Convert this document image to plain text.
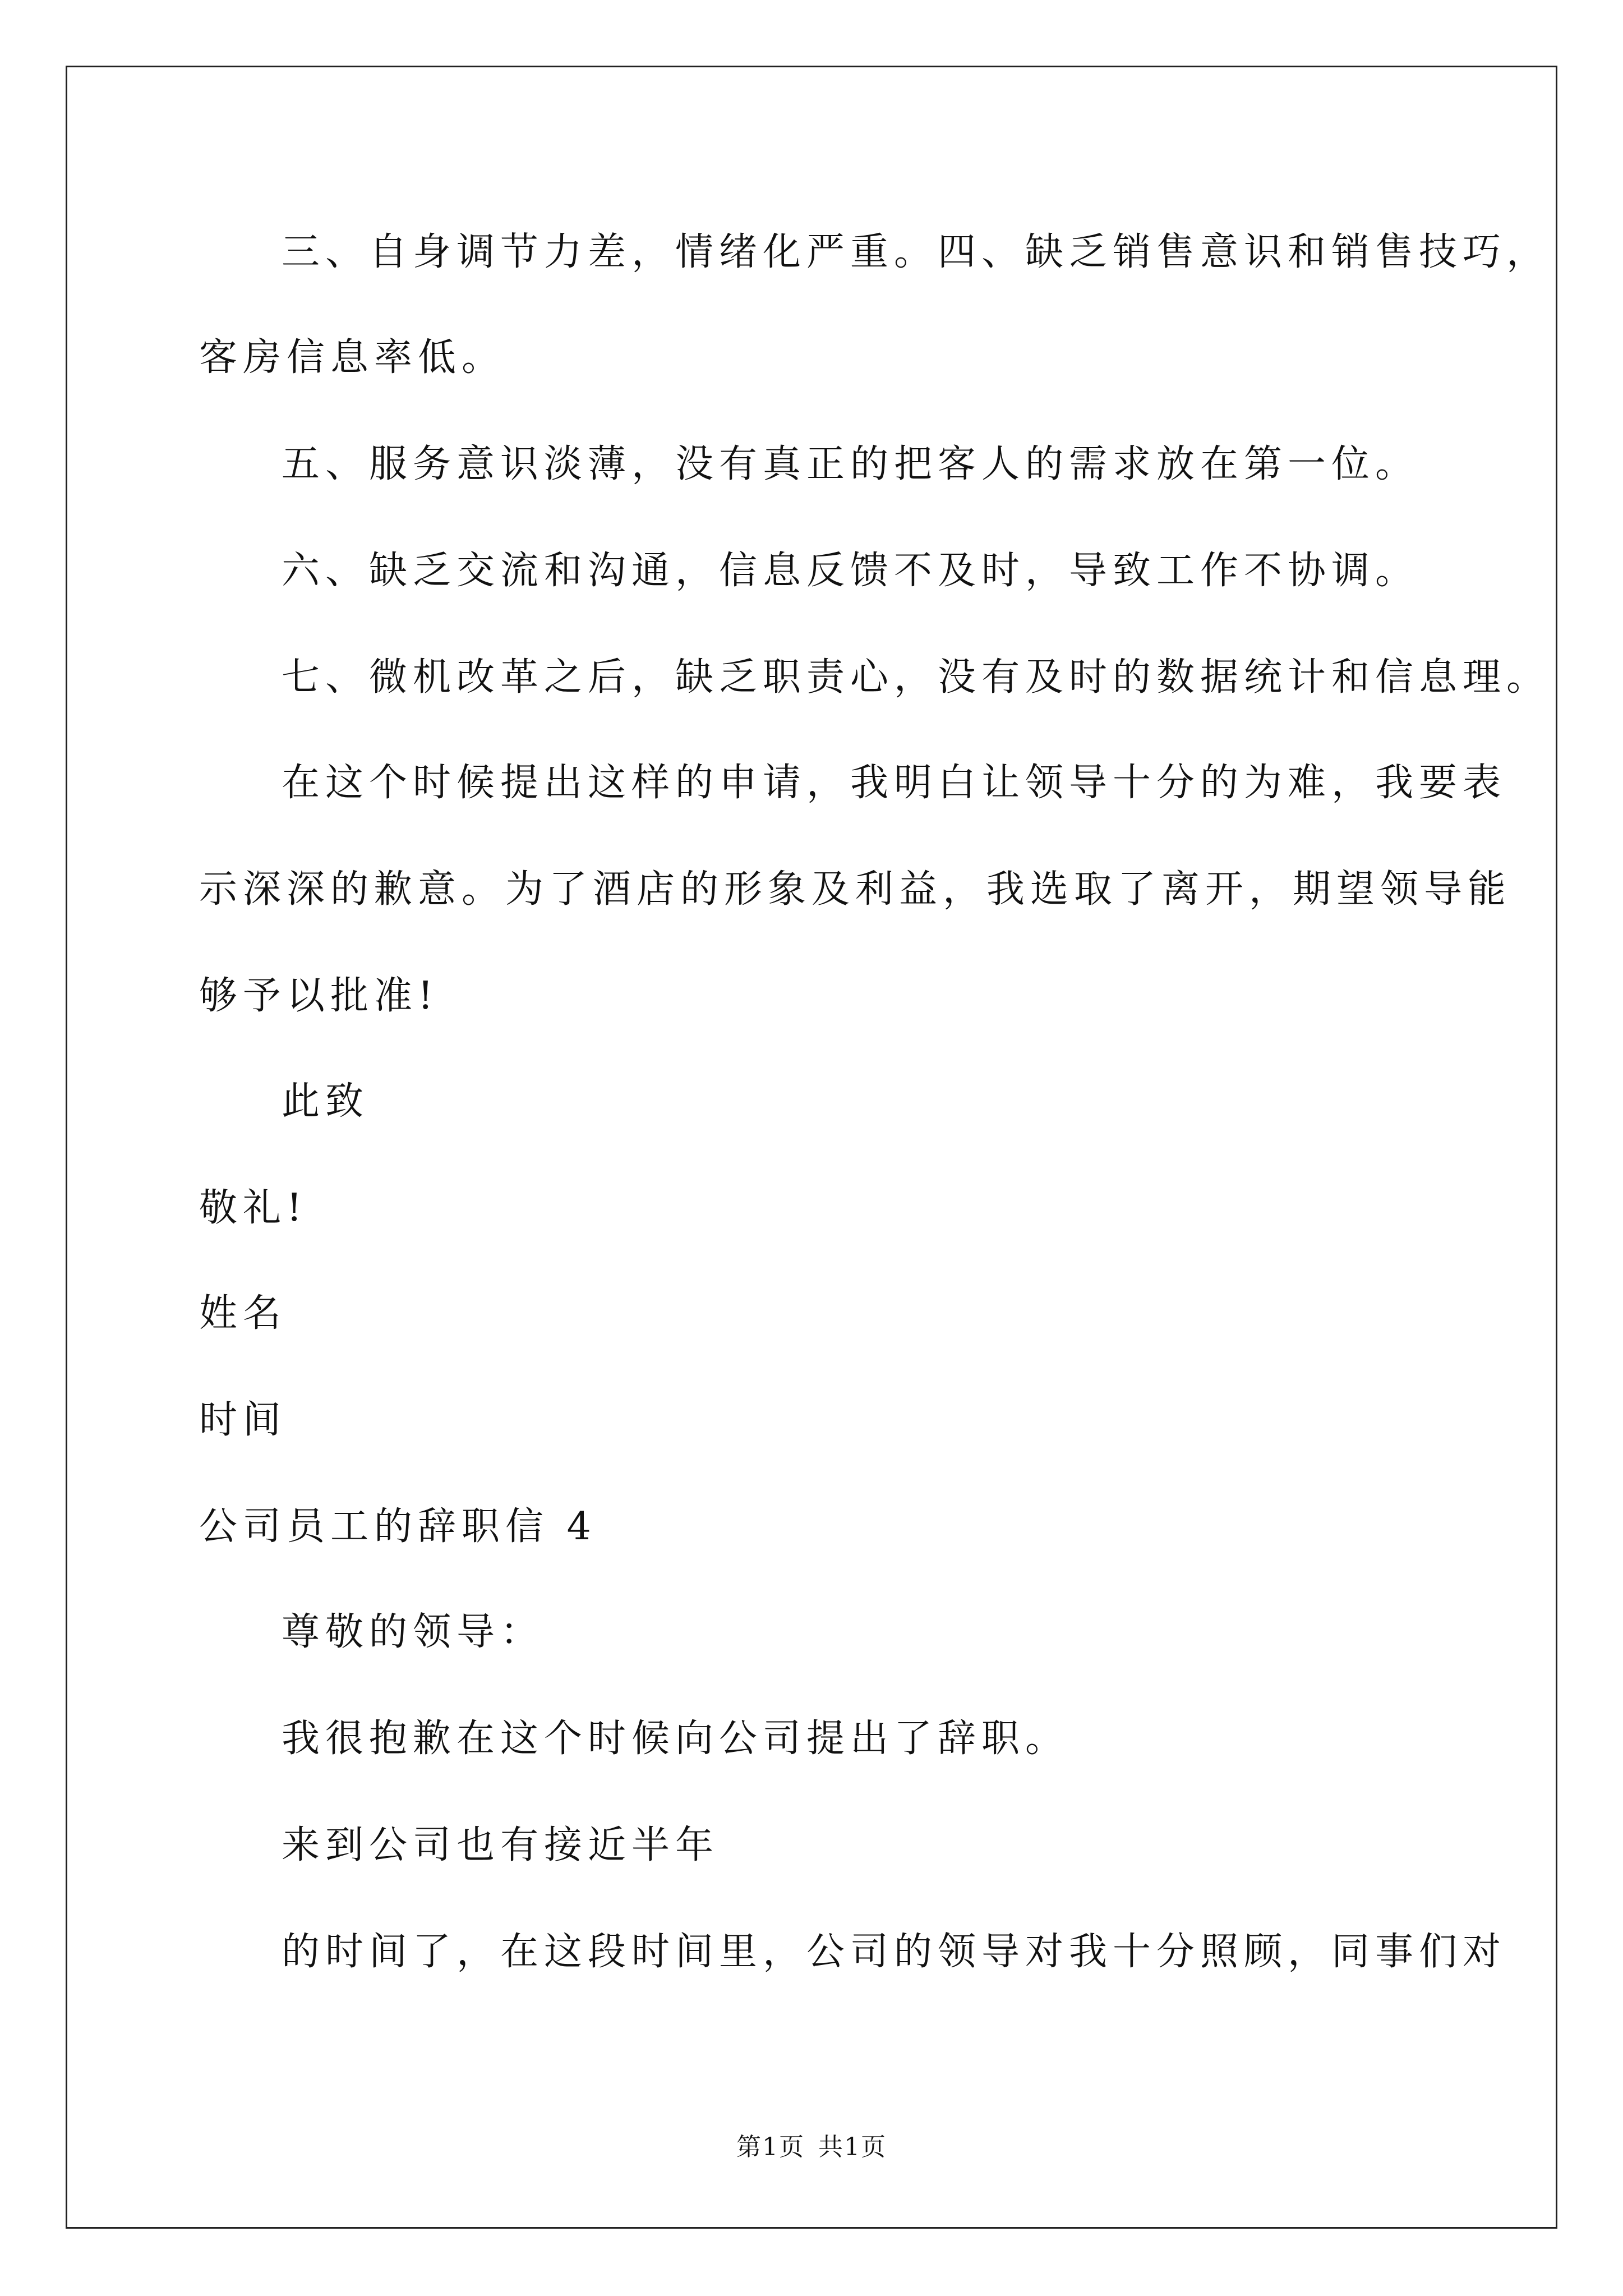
三、自身调节力差，情绪化严重。四、缺乏销售意识和销售技巧，
客房信息率低。
五、服务意识淡薄，没有真正的把客人的需求放在第一位。
六、缺乏交流和沟通，信息反馈不及时，导致工作不协调。
七、微机改革之后，缺乏职责心，没有及时的数据统计和信息理。
在这个时候提出这样的申请，我明白让领导十分的为难，我要表
示深深的歉意。为了酒店的形象及利益，我选取了离开，期望领导能
够予以批准!
此致
敬礼!
姓名
时间
公司员工的辞职信 4
尊敬的领导：
我很抱歉在这个时候向公司提出了辞职。
来到公司也有接近半年
的时间了，在这段时间里，公司的领导对我十分照顾，同事们对
第1页 共1页
